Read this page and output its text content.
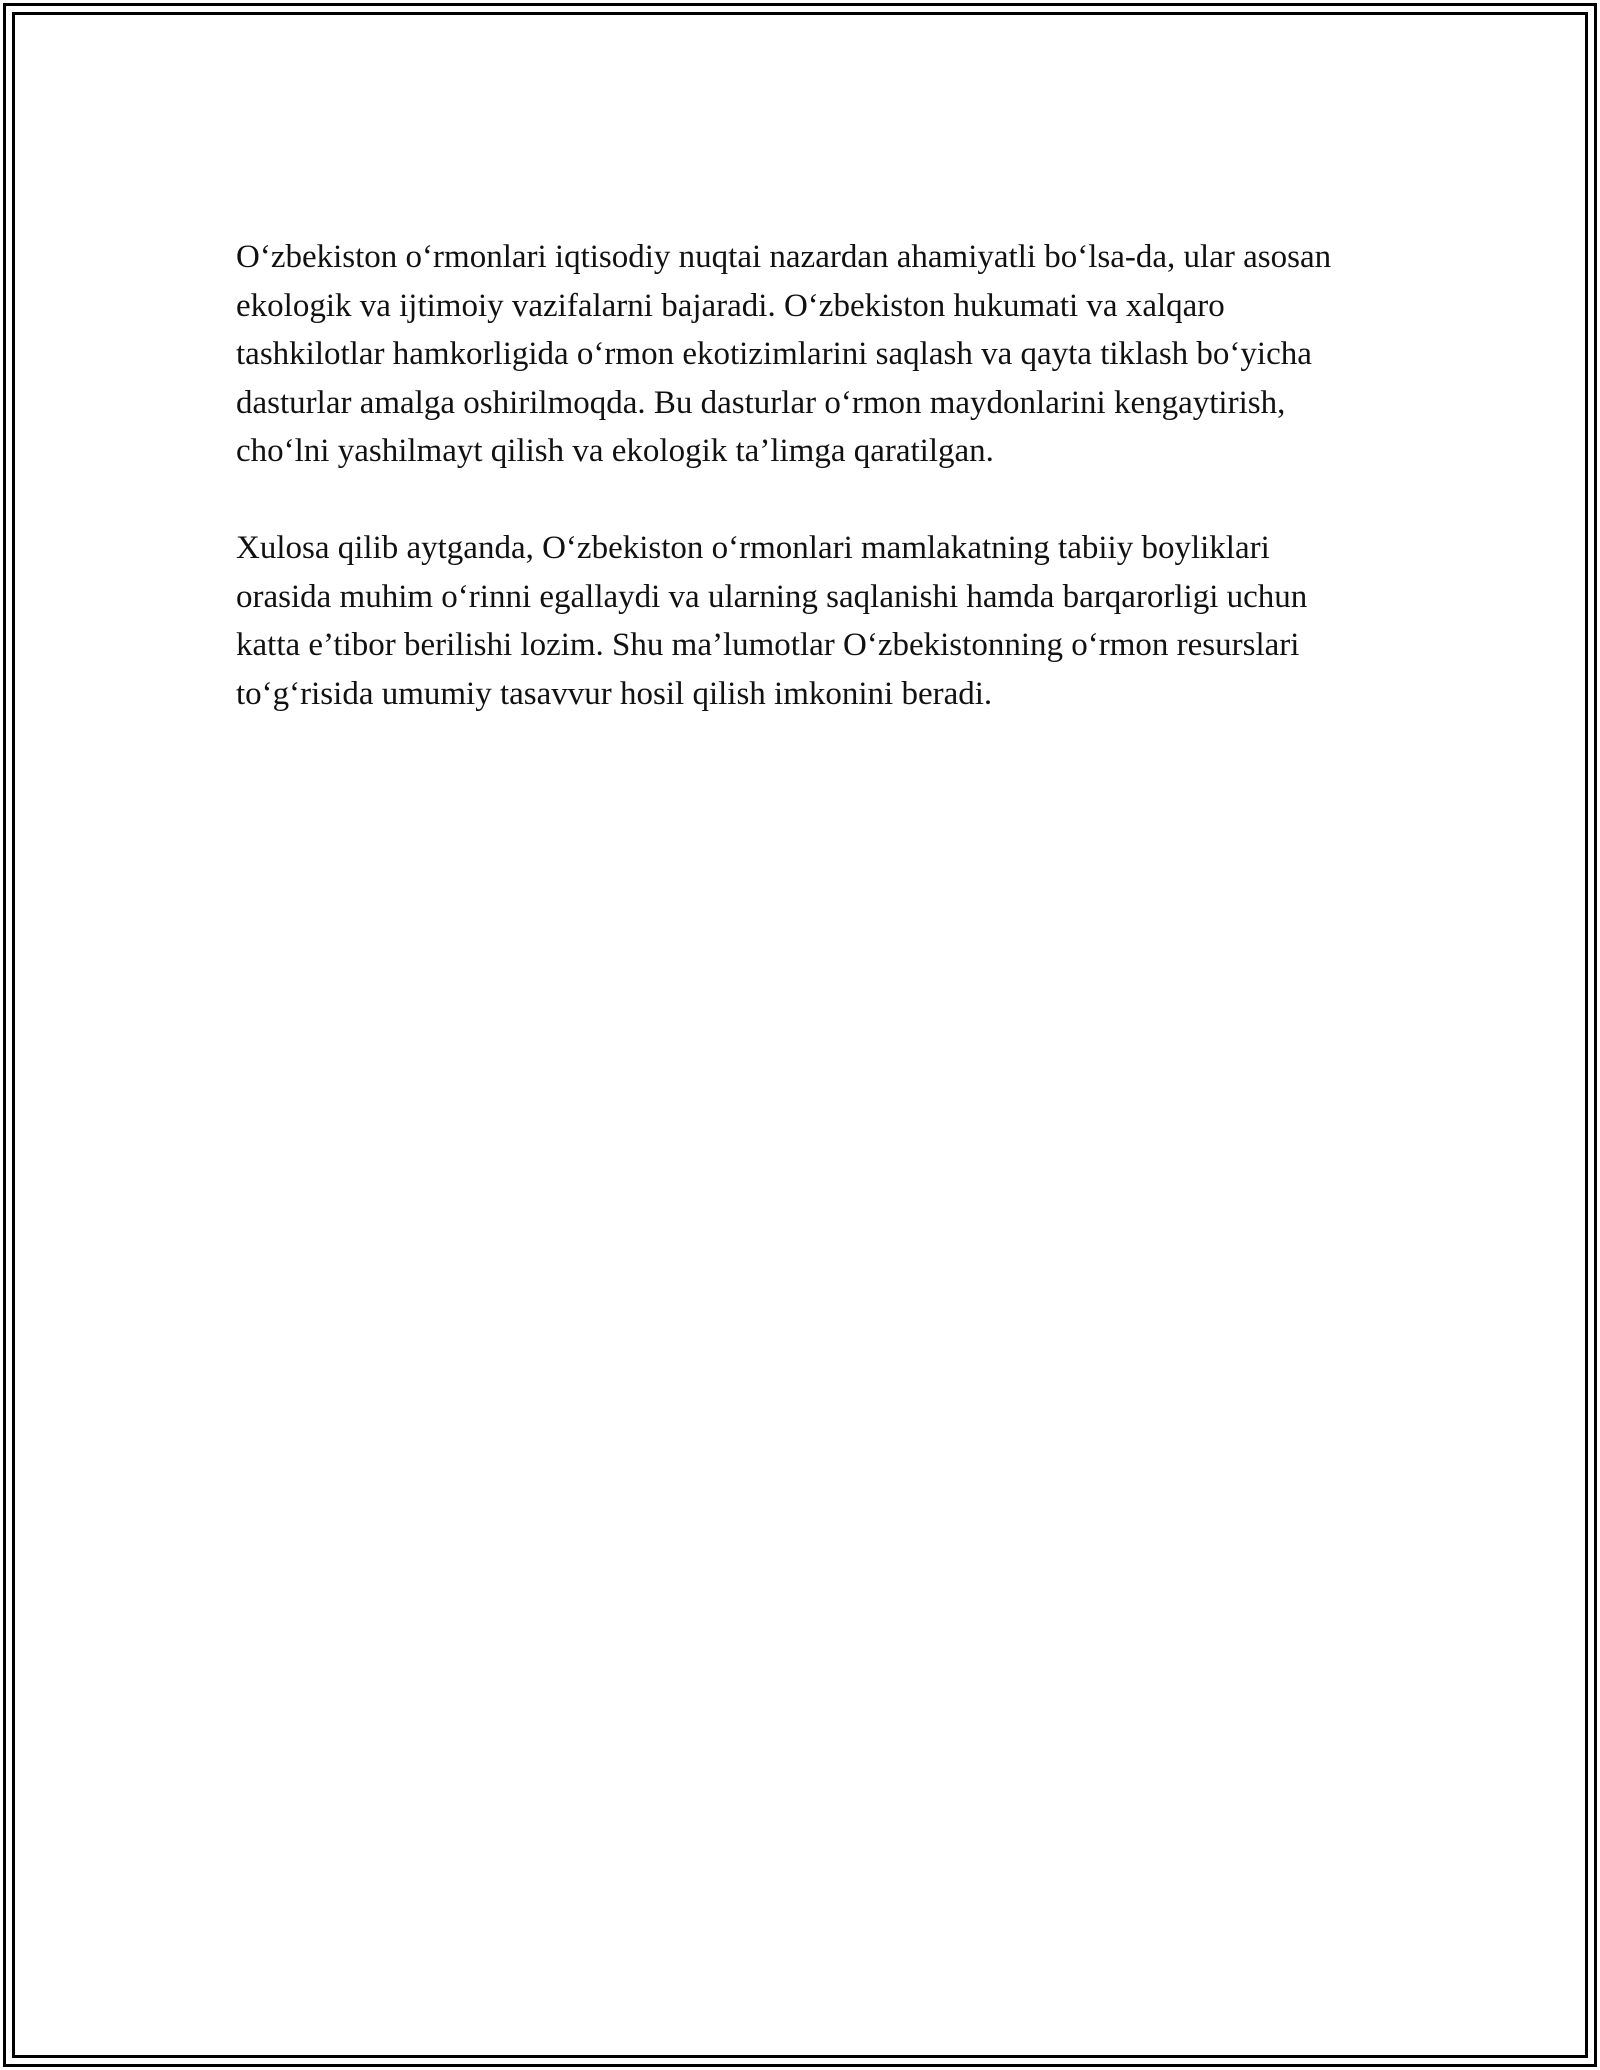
O‘zbekiston o‘rmonlari iqtisodiy nuqtai nazardan ahamiyatli bo‘lsa-da, ular asosan ekologik va ijtimoiy vazifalarni bajaradi. O‘zbekiston hukumati va xalqaro tashkilotlar hamkorligida o‘rmon ekotizimlarini saqlash va qayta tiklash bo‘yicha dasturlar amalga oshirilmoqda. Bu dasturlar o‘rmon maydonlarini kengaytirish, cho‘lni yashilmayt qilish va ekologik ta’limga qaratilgan.

Xulosa qilib aytganda, O‘zbekiston o‘rmonlari mamlakatning tabiiy boyliklari orasida muhim o‘rinni egallaydi va ularning saqlanishi hamda barqarorligi uchun katta e’tibor berilishi lozim. Shu ma’lumotlar O‘zbekistonning o‘rmon resurslari to‘g‘risida umumiy tasavvur hosil qilish imkonini beradi.
